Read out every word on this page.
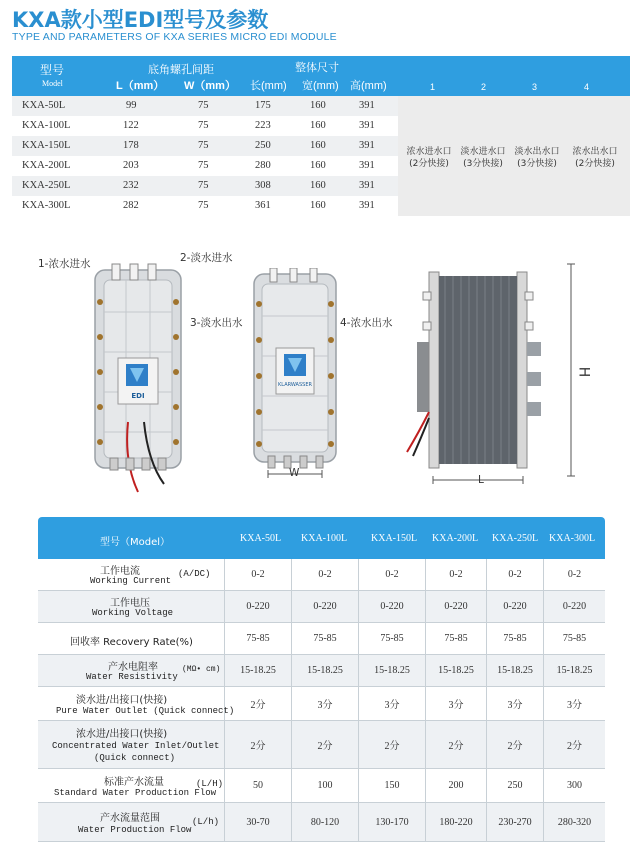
KXA款小型EDI型号及参数
TYPE AND PARAMETERS OF KXA SERIES MICRO EDI MODULE
型号
Model
底角螺孔间距
L（mm） W（mm）
整体尺寸
长(mm) 宽(mm) 高(mm)	1	2	3	4
KXA-50L	99	75	175	160	391
KXA-100L	122	75	223	160	391
KXA-150L	178	75	250	160	391
KXA-200L	203	75	280	160	391
KXA-250L	232	75	308	160	391
KXA-300L	282	75	361	160	391
浓水进水口
(2分快接)
淡水进水口
(3分快接)
淡水出水口
(3分快接)
浓水出水口
(2分快接)
EDI
1-浓水进水	2-淡水进水
KLARWASSER
3-淡水出水	4-浓水出水
W
L
H
型号（Model）	KXA-50L KXA-100L KXA-150L KXA-200L KXA-250L KXA-300L
工作电流
Working Current
(A/DC)	0-2	0-2	0-2	0-2	0-2	0-2
工作电压
Working Voltage
0-220	0-220	0-220	0-220	0-220	0-220
回收率 Recovery Rate(%)	75-85	75-85	75-85	75-85	75-85	75-85
产水电阻率
Water Resistivity
(MΩ• cm)	15-18.25	15-18.25	15-18.25	15-18.25	15-18.25	15-18.25
淡水进/出接口(快接)
Pure Water Outlet (Quick connect)	2分	3分	3分	3分	3分	3分
浓水进/出接口(快接)
Concentrated Water Inlet/Outlet
(Quick connect)
2分	2分	2分	2分	2分	2分
标准产水流量
Standard Water Production Flow
(L/H)	50	100	150	200	250	300
产水流量范围
Water Production Flow
(L/h)	30-70	80-120	130-170	180-220	230-270	280-320
